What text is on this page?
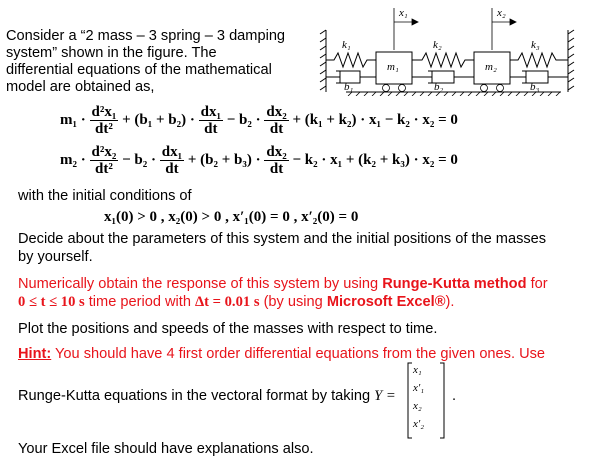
Consider a “2 mass – 3 spring – 3 damping
system” shown in the figure. The
differential equations of the mathematical
model are obtained as,
x₁	x₂
k₁	k₂	k₃
m₁	m₂
b₁	b₂	b₃
$m_1 \cdot \frac{\text{d²x₁}}{\text{dt²}} + (b_1 + b_2) \cdot \frac{\text{dx₁}}{dt} - b_2 \cdot \frac{\text{dx₂}}{dt} + (k_1 + k_2) \cdot x_1 - k_2 \cdot x_2 = 0$
$m_2 \cdot \frac{\text{d²x₂}}{\text{dt²}} - b_2 \cdot \frac{\text{dx₁}}{dt} + (b_2 + b_3) \cdot \frac{\text{dx₂}}{dt} - k_2 \cdot x_1 + (k_2 + k_3) \cdot x_2 = 0$
with the initial conditions of
x₁(0) > 0 , x₂(0) > 0 , x′₁(0) = 0 , x′₂(0) = 0
Decide about the parameters of this system and the initial positions of the masses
by yourself.
Numerically obtain the response of this system by using Runge-Kutta method for
0 ≤ t ≤ 10 s time period with Δt = 0.01 s (by using Microsoft Excel®).
Plot the positions and speeds of the masses with respect to time.
Hint: You should have 4 first order differential equations from the given ones. Use
Runge-Kutta equations in the vectoral format by taking Y =
x₁
x′₁
x₂
x′₂
.
Your Excel file should have explanations also.
